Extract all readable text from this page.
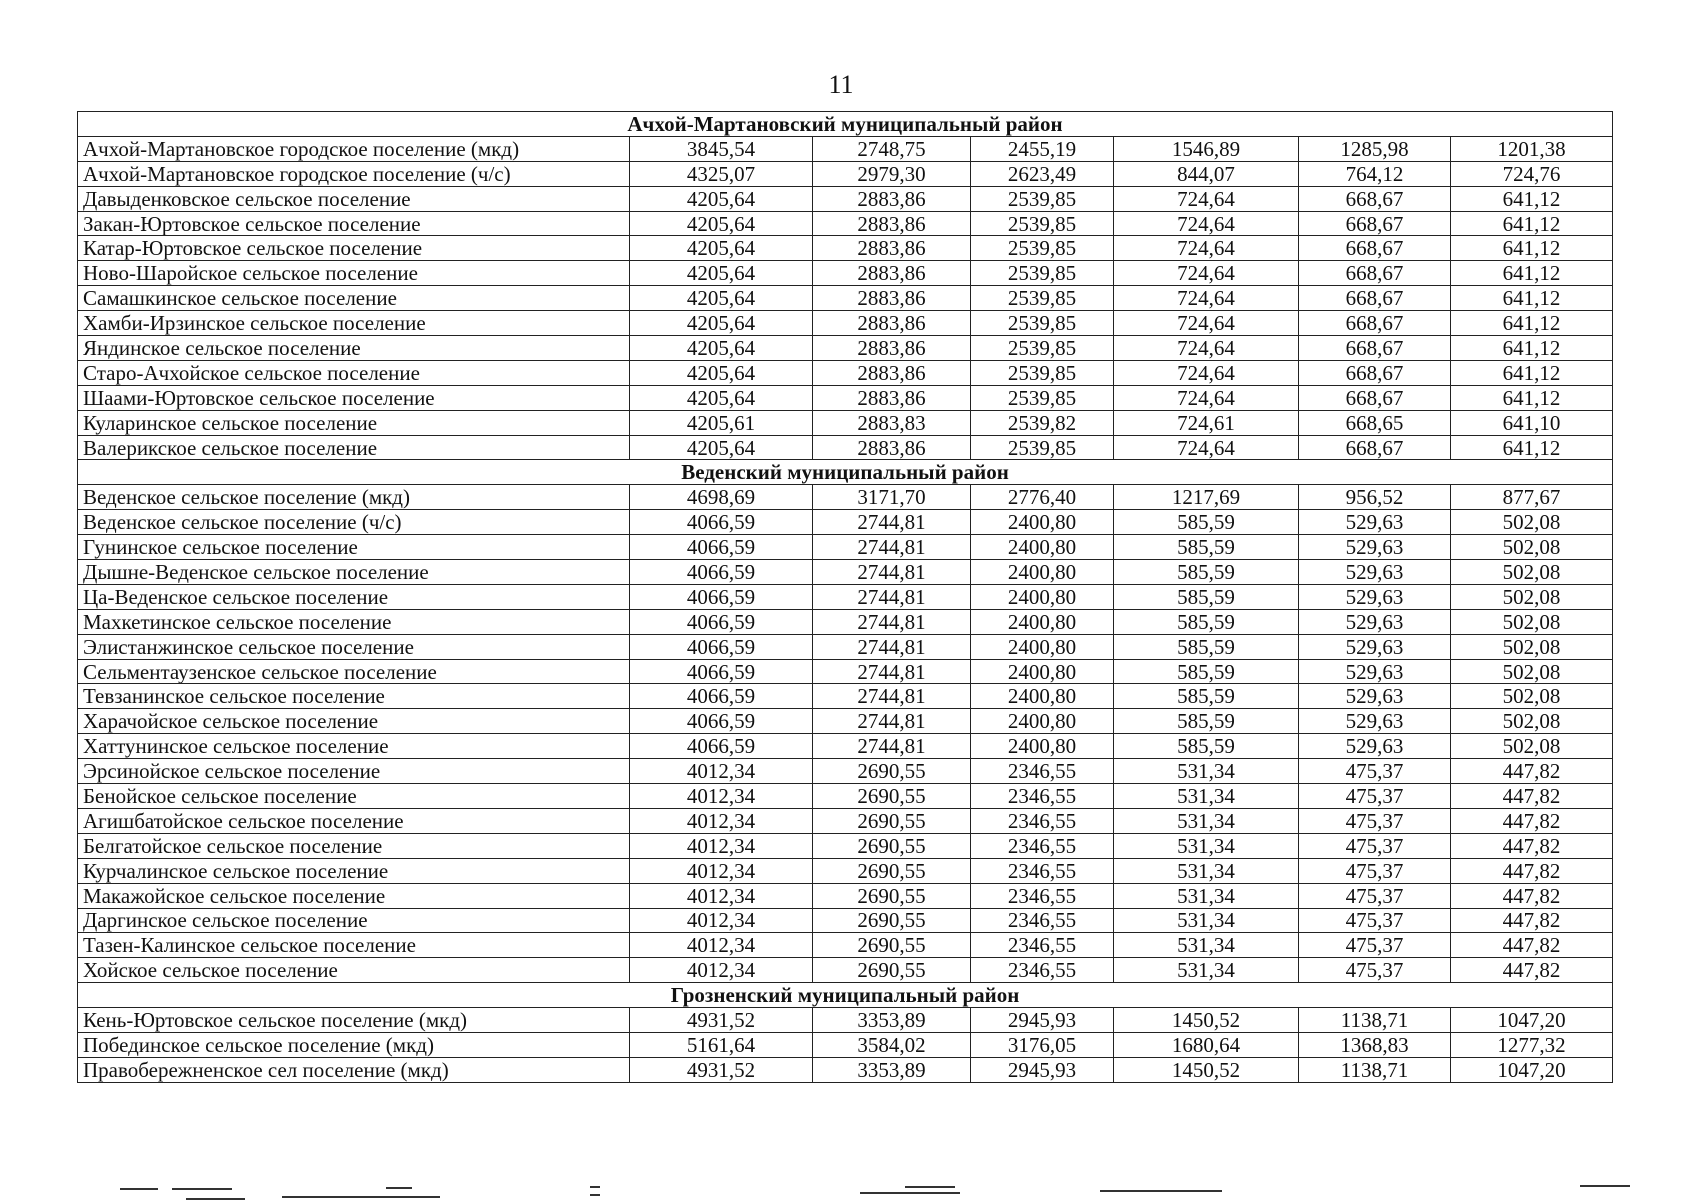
11
Ачхой-Мартановский муниципальный район						
Ачхой-Мартановское городское поселение (мкд)	3845,54	2748,75	2455,19	1546,89	1285,98	1201,38
Ачхой-Мартановское городское поселение (ч/с)	4325,07	2979,30	2623,49	844,07	764,12	724,76
Давыденковское сельское поселение	4205,64	2883,86	2539,85	724,64	668,67	641,12
Закан-Юртовское сельское поселение	4205,64	2883,86	2539,85	724,64	668,67	641,12
Катар-Юртовское сельское поселение	4205,64	2883,86	2539,85	724,64	668,67	641,12
Ново-Шаройское сельское поселение	4205,64	2883,86	2539,85	724,64	668,67	641,12
Самашкинское сельское поселение	4205,64	2883,86	2539,85	724,64	668,67	641,12
Хамби-Ирзинское сельское поселение	4205,64	2883,86	2539,85	724,64	668,67	641,12
Яндинское сельское поселение	4205,64	2883,86	2539,85	724,64	668,67	641,12
Старо-Ачхойское сельское поселение	4205,64	2883,86	2539,85	724,64	668,67	641,12
Шаами-Юртовское сельское поселение	4205,64	2883,86	2539,85	724,64	668,67	641,12
Куларинское сельское поселение	4205,61	2883,83	2539,82	724,61	668,65	641,10
Валерикское сельское поселение	4205,64	2883,86	2539,85	724,64	668,67	641,12
Веденский муниципальный район						
Веденское сельское поселение (мкд)	4698,69	3171,70	2776,40	1217,69	956,52	877,67
Веденское сельское поселение (ч/с)	4066,59	2744,81	2400,80	585,59	529,63	502,08
Гунинское сельское поселение	4066,59	2744,81	2400,80	585,59	529,63	502,08
Дышне-Веденское сельское поселение	4066,59	2744,81	2400,80	585,59	529,63	502,08
Ца-Веденское сельское поселение	4066,59	2744,81	2400,80	585,59	529,63	502,08
Махкетинское сельское поселение	4066,59	2744,81	2400,80	585,59	529,63	502,08
Элистанжинское сельское поселение	4066,59	2744,81	2400,80	585,59	529,63	502,08
Сельментаузенское сельское поселение	4066,59	2744,81	2400,80	585,59	529,63	502,08
Тевзанинское сельское поселение	4066,59	2744,81	2400,80	585,59	529,63	502,08
Харачойское сельское поселение	4066,59	2744,81	2400,80	585,59	529,63	502,08
Хаттунинское сельское поселение	4066,59	2744,81	2400,80	585,59	529,63	502,08
Эрсинойское сельское поселение	4012,34	2690,55	2346,55	531,34	475,37	447,82
Бенойское сельское поселение	4012,34	2690,55	2346,55	531,34	475,37	447,82
Агишбатойское сельское поселение	4012,34	2690,55	2346,55	531,34	475,37	447,82
Белгатойское сельское поселение	4012,34	2690,55	2346,55	531,34	475,37	447,82
Курчалинское сельское поселение	4012,34	2690,55	2346,55	531,34	475,37	447,82
Макажойское сельское поселение	4012,34	2690,55	2346,55	531,34	475,37	447,82
Даргинское сельское поселение	4012,34	2690,55	2346,55	531,34	475,37	447,82
Тазен-Калинское сельское поселение	4012,34	2690,55	2346,55	531,34	475,37	447,82
Хойское сельское поселение	4012,34	2690,55	2346,55	531,34	475,37	447,82
Грозненский муниципальный район						
Кень-Юртовское сельское поселение (мкд)	4931,52	3353,89	2945,93	1450,52	1138,71	1047,20
Побединское сельское поселение (мкд)	5161,64	3584,02	3176,05	1680,64	1368,83	1277,32
Правобережненское сел поселение (мкд)	4931,52	3353,89	2945,93	1450,52	1138,71	1047,20
